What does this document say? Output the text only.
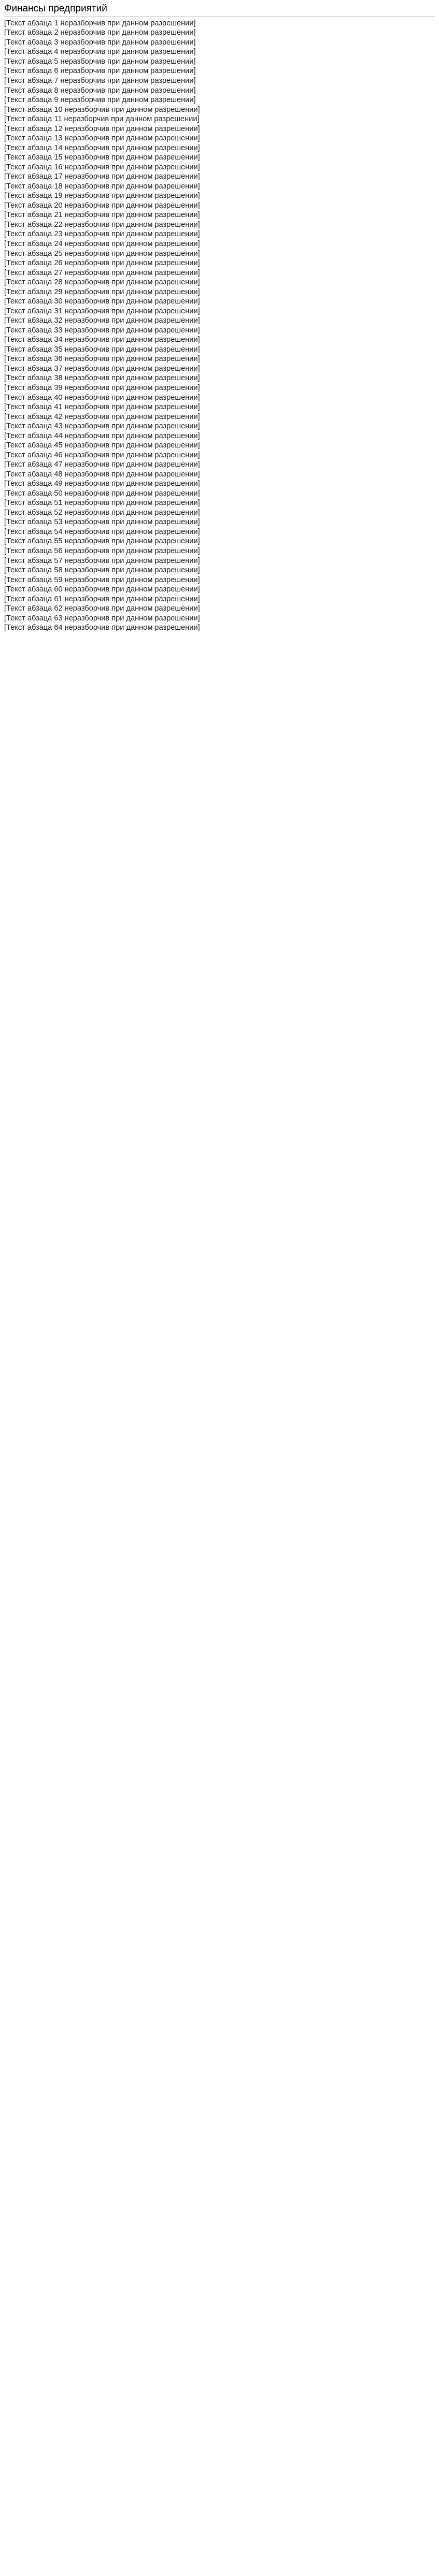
Финансы предприятий

[Текст абзаца 1 неразборчив при данном разрешении]

[Текст абзаца 2 неразборчив при данном разрешении]

[Текст абзаца 3 неразборчив при данном разрешении]

[Текст абзаца 4 неразборчив при данном разрешении]

[Текст абзаца 5 неразборчив при данном разрешении]

[Текст абзаца 6 неразборчив при данном разрешении]

[Текст абзаца 7 неразборчив при данном разрешении]

[Текст абзаца 8 неразборчив при данном разрешении]

[Текст абзаца 9 неразборчив при данном разрешении]

[Текст абзаца 10 неразборчив при данном разрешении]

[Текст абзаца 11 неразборчив при данном разрешении]

[Текст абзаца 12 неразборчив при данном разрешении]

[Текст абзаца 13 неразборчив при данном разрешении]

[Текст абзаца 14 неразборчив при данном разрешении]

[Текст абзаца 15 неразборчив при данном разрешении]

[Текст абзаца 16 неразборчив при данном разрешении]

[Текст абзаца 17 неразборчив при данном разрешении]

[Текст абзаца 18 неразборчив при данном разрешении]

[Текст абзаца 19 неразборчив при данном разрешении]

[Текст абзаца 20 неразборчив при данном разрешении]

[Текст абзаца 21 неразборчив при данном разрешении]

[Текст абзаца 22 неразборчив при данном разрешении]

[Текст абзаца 23 неразборчив при данном разрешении]

[Текст абзаца 24 неразборчив при данном разрешении]

[Текст абзаца 25 неразборчив при данном разрешении]

[Текст абзаца 26 неразборчив при данном разрешении]

[Текст абзаца 27 неразборчив при данном разрешении]

[Текст абзаца 28 неразборчив при данном разрешении]

[Текст абзаца 29 неразборчив при данном разрешении]

[Текст абзаца 30 неразборчив при данном разрешении]

[Текст абзаца 31 неразборчив при данном разрешении]

[Текст абзаца 32 неразборчив при данном разрешении]

[Текст абзаца 33 неразборчив при данном разрешении]

[Текст абзаца 34 неразборчив при данном разрешении]

[Текст абзаца 35 неразборчив при данном разрешении]

[Текст абзаца 36 неразборчив при данном разрешении]

[Текст абзаца 37 неразборчив при данном разрешении]

[Текст абзаца 38 неразборчив при данном разрешении]

[Текст абзаца 39 неразборчив при данном разрешении]

[Текст абзаца 40 неразборчив при данном разрешении]

[Текст абзаца 41 неразборчив при данном разрешении]

[Текст абзаца 42 неразборчив при данном разрешении]

[Текст абзаца 43 неразборчив при данном разрешении]

[Текст абзаца 44 неразборчив при данном разрешении]

[Текст абзаца 45 неразборчив при данном разрешении]

[Текст абзаца 46 неразборчив при данном разрешении]

[Текст абзаца 47 неразборчив при данном разрешении]

[Текст абзаца 48 неразборчив при данном разрешении]

[Текст абзаца 49 неразборчив при данном разрешении]

[Текст абзаца 50 неразборчив при данном разрешении]

[Текст абзаца 51 неразборчив при данном разрешении]

[Текст абзаца 52 неразборчив при данном разрешении]

[Текст абзаца 53 неразборчив при данном разрешении]

[Текст абзаца 54 неразборчив при данном разрешении]

[Текст абзаца 55 неразборчив при данном разрешении]

[Текст абзаца 56 неразборчив при данном разрешении]

[Текст абзаца 57 неразборчив при данном разрешении]

[Текст абзаца 58 неразборчив при данном разрешении]

[Текст абзаца 59 неразборчив при данном разрешении]

[Текст абзаца 60 неразборчив при данном разрешении]

[Текст абзаца 61 неразборчив при данном разрешении]

[Текст абзаца 62 неразборчив при данном разрешении]

[Текст абзаца 63 неразборчив при данном разрешении]

[Текст абзаца 64 неразборчив при данном разрешении]
